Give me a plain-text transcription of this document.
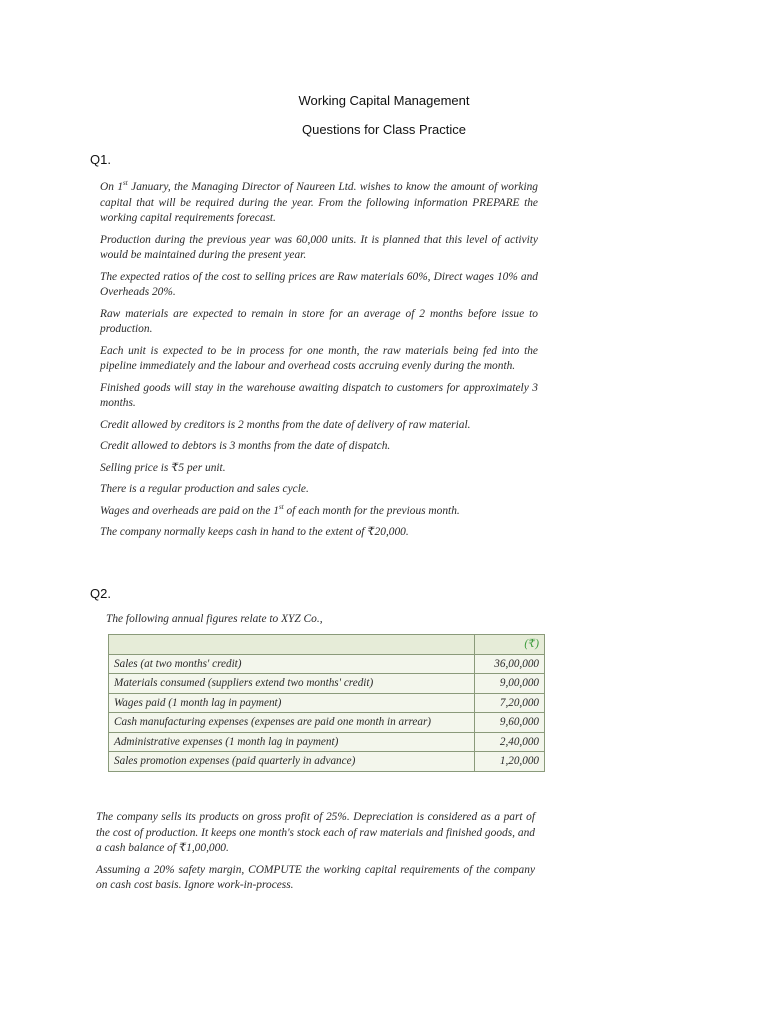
Working Capital Management
Questions for Class Practice
Q1.

On 1st January, the Managing Director of Naureen Ltd. wishes to know the amount of working capital that will be required during the year. From the following information PREPARE the working capital requirements forecast.

Production during the previous year was 60,000 units. It is planned that this level of activity would be maintained during the present year.

The expected ratios of the cost to selling prices are Raw materials 60%, Direct wages 10% and Overheads 20%.

Raw materials are expected to remain in store for an average of 2 months before issue to production.

Each unit is expected to be in process for one month, the raw materials being fed into the pipeline immediately and the labour and overhead costs accruing evenly during the month.

Finished goods will stay in the warehouse awaiting dispatch to customers for approximately 3 months.

Credit allowed by creditors is 2 months from the date of delivery of raw material.

Credit allowed to debtors is 3 months from the date of dispatch.

Selling price is ₹5 per unit.

There is a regular production and sales cycle.

Wages and overheads are paid on the 1st of each month for the previous month.

The company normally keeps cash in hand to the extent of ₹20,000.

Q2.
The following annual figures relate to XYZ Co.,
	(₹)
Sales (at two months' credit)	36,00,000
Materials consumed (suppliers extend two months' credit)	9,00,000
Wages paid (1 month lag in payment)	7,20,000
Cash manufacturing expenses (expenses are paid one month in arrear)	9,60,000
Administrative expenses (1 month lag in payment)	2,40,000
Sales promotion expenses (paid quarterly in advance)	1,20,000

The company sells its products on gross profit of 25%. Depreciation is considered as a part of the cost of production. It keeps one month's stock each of raw materials and finished goods, and a cash balance of ₹1,00,000.

Assuming a 20% safety margin, COMPUTE the working capital requirements of the company on cash cost basis. Ignore work-in-process.
